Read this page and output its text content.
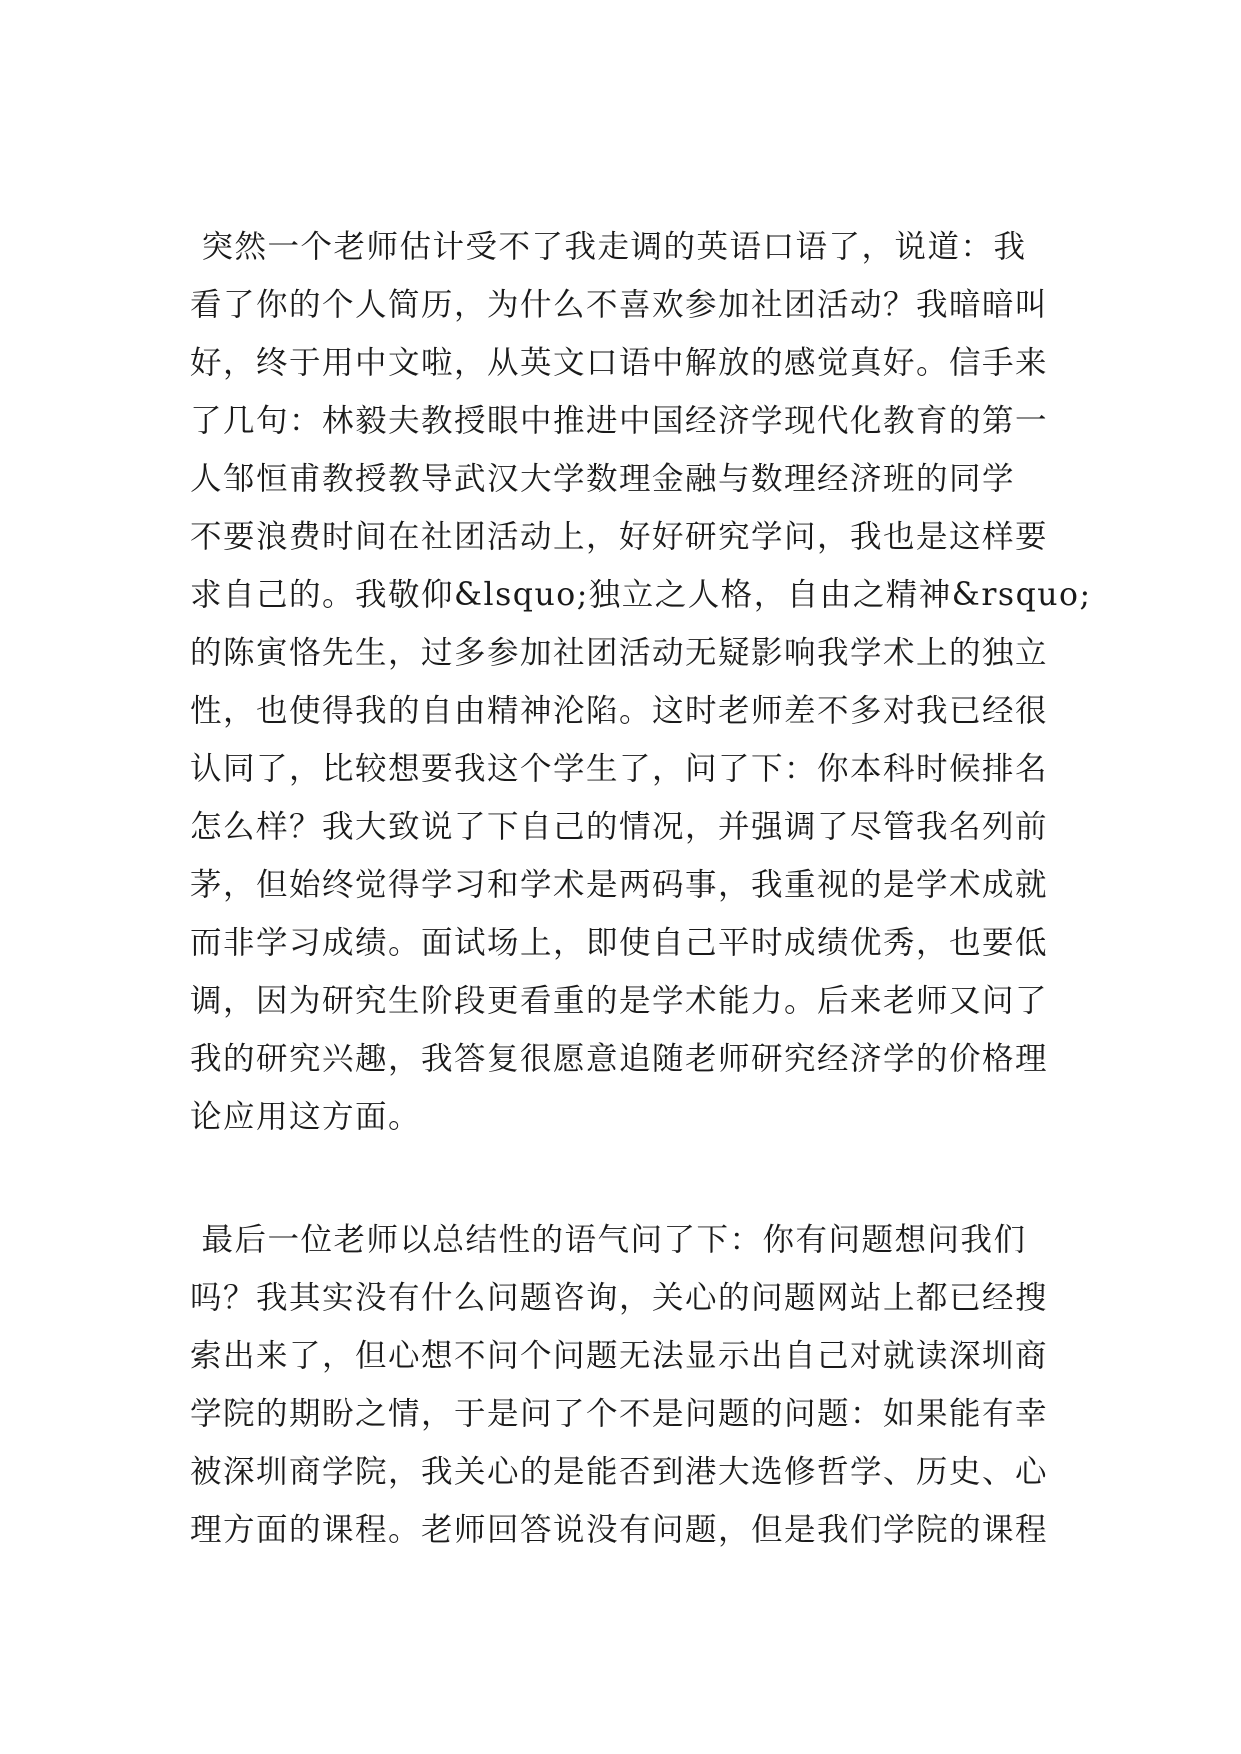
突然一个老师估计受不了我走调的英语口语了，说道：我
看了你的个人简历，为什么不喜欢参加社团活动？我暗暗叫
好，终于用中文啦，从英文口语中解放的感觉真好。信手来
了几句：林毅夫教授眼中推进中国经济学现代化教育的第一
人邹恒甫教授教导武汉大学数理金融与数理经济班的同学
不要浪费时间在社团活动上，好好研究学问，我也是这样要
求自己的。我敬仰&lsquo;独立之人格，自由之精神&rsquo;
的陈寅恪先生，过多参加社团活动无疑影响我学术上的独立
性，也使得我的自由精神沦陷。这时老师差不多对我已经很
认同了，比较想要我这个学生了，问了下：你本科时候排名
怎么样？我大致说了下自己的情况，并强调了尽管我名列前
茅，但始终觉得学习和学术是两码事，我重视的是学术成就
而非学习成绩。面试场上，即使自己平时成绩优秀，也要低
调，因为研究生阶段更看重的是学术能力。后来老师又问了
我的研究兴趣，我答复很愿意追随老师研究经济学的价格理
论应用这方面。
最后一位老师以总结性的语气问了下：你有问题想问我们
吗？我其实没有什么问题咨询，关心的问题网站上都已经搜
索出来了，但心想不问个问题无法显示出自己对就读深圳商
学院的期盼之情，于是问了个不是问题的问题：如果能有幸
被深圳商学院，我关心的是能否到港大选修哲学、历史、心
理方面的课程。老师回答说没有问题，但是我们学院的课程
